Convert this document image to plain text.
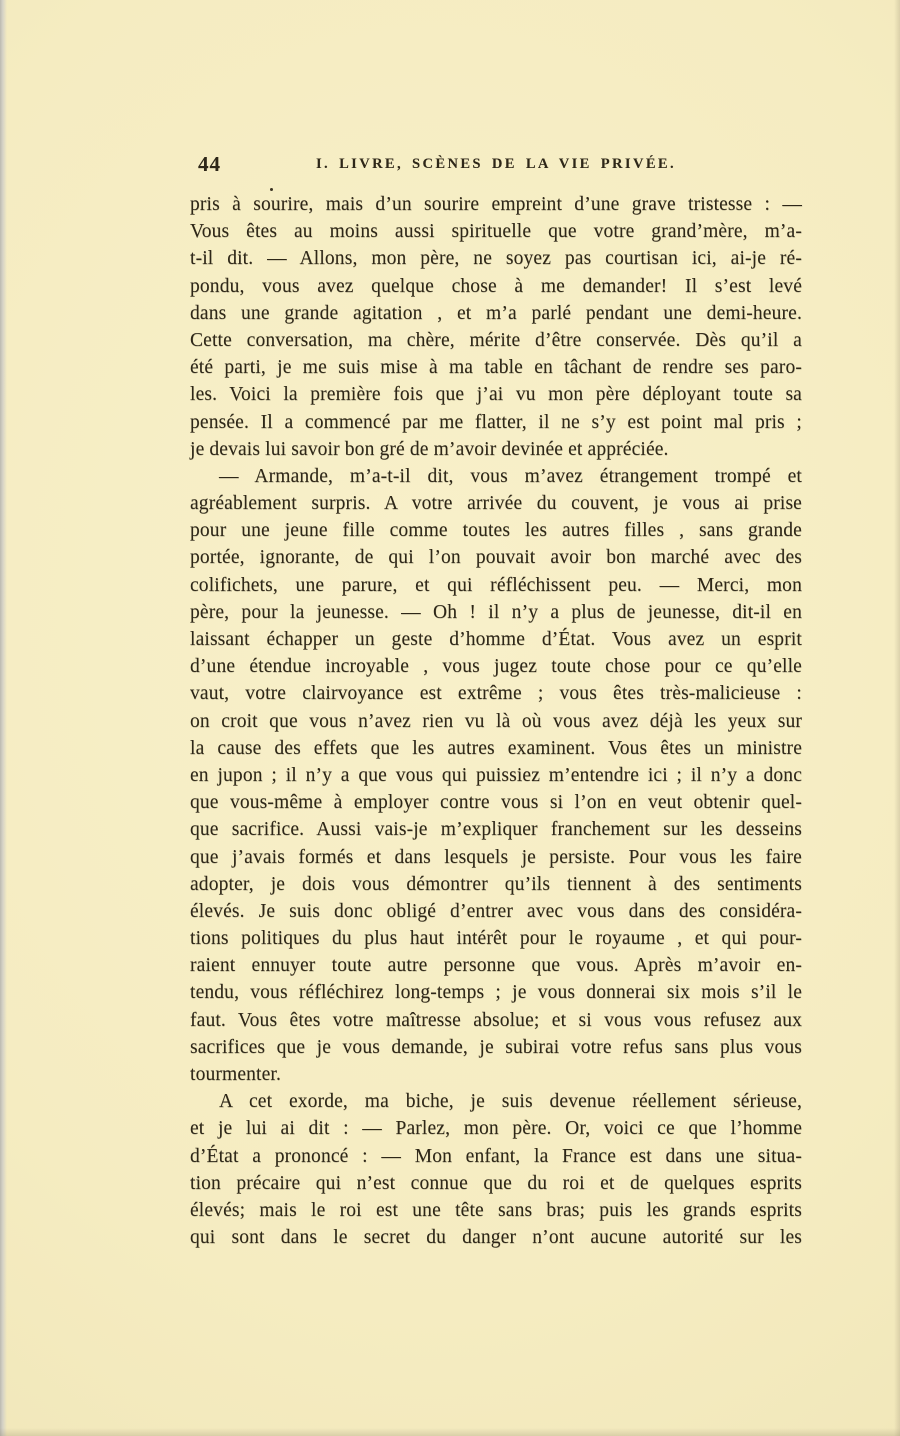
44	I. LIVRE, SCÈNES DE LA VIE PRIVÉE.
pris à sourire, mais d’un sourire empreint d’une grave tristesse : —
Vous êtes au moins aussi spirituelle que votre grand’mère, m’a-
t-il dit. — Allons, mon père, ne soyez pas courtisan ici, ai-je ré-
pondu, vous avez quelque chose à me demander! Il s’est levé
dans une grande agitation , et m’a parlé pendant une demi-heure.
Cette conversation, ma chère, mérite d’être conservée. Dès qu’il a
été parti, je me suis mise à ma table en tâchant de rendre ses paro-
les. Voici la première fois que j’ai vu mon père déployant toute sa
pensée. Il a commencé par me flatter, il ne s’y est point mal pris ;
je devais lui savoir bon gré de m’avoir devinée et appréciée.
— Armande, m’a-t-il dit, vous m’avez étrangement trompé et
agréablement surpris. A votre arrivée du couvent, je vous ai prise
pour une jeune fille comme toutes les autres filles , sans grande
portée, ignorante, de qui l’on pouvait avoir bon marché avec des
colifichets, une parure, et qui réfléchissent peu. — Merci, mon
père, pour la jeunesse. — Oh ! il n’y a plus de jeunesse, dit-il en
laissant échapper un geste d’homme d’État. Vous avez un esprit
d’une étendue incroyable , vous jugez toute chose pour ce qu’elle
vaut, votre clairvoyance est extrême ; vous êtes très-malicieuse :
on croit que vous n’avez rien vu là où vous avez déjà les yeux sur
la cause des effets que les autres examinent. Vous êtes un ministre
en jupon ; il n’y a que vous qui puissiez m’entendre ici ; il n’y a donc
que vous-même à employer contre vous si l’on en veut obtenir quel-
que sacrifice. Aussi vais-je m’expliquer franchement sur les desseins
que j’avais formés et dans lesquels je persiste. Pour vous les faire
adopter, je dois vous démontrer qu’ils tiennent à des sentiments
élevés. Je suis donc obligé d’entrer avec vous dans des considéra-
tions politiques du plus haut intérêt pour le royaume , et qui pour-
raient ennuyer toute autre personne que vous. Après m’avoir en-
tendu, vous réfléchirez long-temps ; je vous donnerai six mois s’il le
faut. Vous êtes votre maîtresse absolue; et si vous vous refusez aux
sacrifices que je vous demande, je subirai votre refus sans plus vous
tourmenter.
A cet exorde, ma biche, je suis devenue réellement sérieuse,
et je lui ai dit : — Parlez, mon père. Or, voici ce que l’homme
d’État a prononcé : — Mon enfant, la France est dans une situa-
tion précaire qui n’est connue que du roi et de quelques esprits
élevés; mais le roi est une tête sans bras; puis les grands esprits
qui sont dans le secret du danger n’ont aucune autorité sur les
